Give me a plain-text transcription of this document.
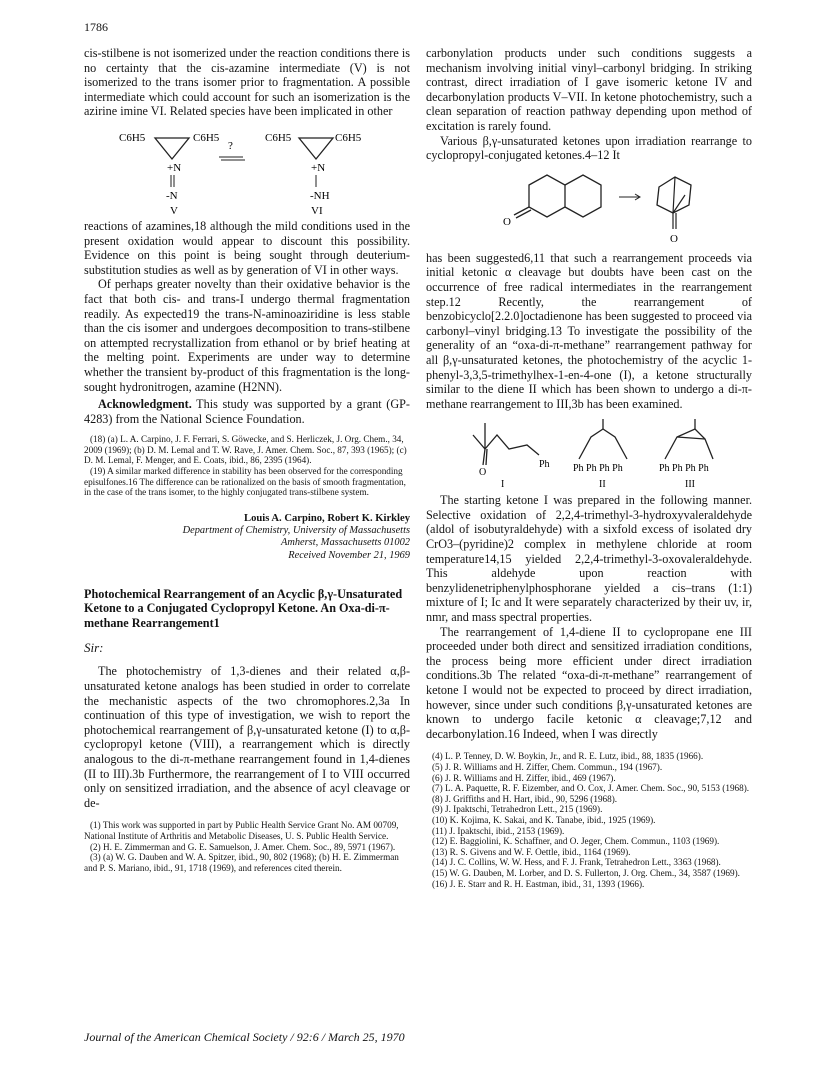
1786

cis-stilbene is not isomerized under the reaction conditions there is no certainty that the cis-azamine intermediate (V) is not isomerized to the trans isomer prior to fragmentation. A possible intermediate which could account for such an isomerization is the azirine imine VI. Related species have been implicated in other

C6H5	C6H5
+N
-N
V
?
C6H5	C6H5
+N
-NH
VI

reactions of azamines,18 although the mild conditions used in the present oxidation would appear to discount this possibility. Evidence on this point is being sought through deuterium-substitution studies as well as by generation of VI in other ways.

Of perhaps greater novelty than their oxidative behavior is the fact that both cis- and trans-I undergo thermal fragmentation readily. As expected19 the trans-N-aminoaziridine is less stable than the cis isomer and undergoes decomposition to trans-stilbene on attempted recrystallization from ethanol or by brief heating at the melting point. Experiments are under way to determine whether the transient by-product of this fragmentation is the long-sought hydronitrogen, azamine (H2NN).

Acknowledgment. This study was supported by a grant (GP-4283) from the National Science Foundation.

(18) (a) L. A. Carpino, J. F. Ferrari, S. Göwecke, and S. Herliczek, J. Org. Chem., 34, 2009 (1969); (b) D. M. Lemal and T. W. Rave, J. Amer. Chem. Soc., 87, 393 (1965); (c) D. M. Lemal, F. Menger, and E. Coats, ibid., 86, 2395 (1964).

(19) A similar marked difference in stability has been observed for the corresponding episulfones.16 The difference can be rationalized on the basis of smooth fragmentation, in the case of the trans isomer, to the highly conjugated trans-stilbene system.

Louis A. Carpino, Robert K. Kirkley
Department of Chemistry, University of Massachusetts
Amherst, Massachusetts 01002
Received November 21, 1969
Photochemical Rearrangement of an Acyclic β,γ-Unsaturated Ketone to a Conjugated Cyclopropyl Ketone. An Oxa-di-π-methane Rearrangement1
Sir:

The photochemistry of 1,3-dienes and their related α,β-unsaturated ketone analogs has been studied in order to correlate the mechanistic aspects of the two chromophores.2,3a In continuation of this type of investigation, we wish to report the photochemical rearrangement of β,γ-unsaturated ketone (I) to α,β-cyclopropyl ketone (VIII), a rearrangement which is directly analogous to the di-π-methane rearrangement found in 1,4-dienes (II to III).3b Furthermore, the rearrangement of I to VIII occurred only on sensitized irradiation, and the absence of acyl cleavage or de-

(1) This work was supported in part by Public Health Service Grant No. AM 00709, National Institute of Arthritis and Metabolic Diseases, U. S. Public Health Service.

(2) H. E. Zimmerman and G. E. Samuelson, J. Amer. Chem. Soc., 89, 5971 (1967).

(3) (a) W. G. Dauben and W. A. Spitzer, ibid., 90, 802 (1968); (b) H. E. Zimmerman and P. S. Mariano, ibid., 91, 1718 (1969), and references cited therein.

carbonylation products under such conditions suggests a mechanism involving initial vinyl–carbonyl bridging. In striking contrast, direct irradiation of I gave isomeric ketone IV and decarbonylation products V–VII. In ketone photochemistry, such a clean separation of reaction pathway depending upon method of excitation is rarely found.

Various β,γ-unsaturated ketones upon irradiation rearrange to cyclopropyl-conjugated ketones.4–12 It

O
O

has been suggested6,11 that such a rearrangement proceeds via initial ketonic α cleavage but doubts have been cast on the occurrence of free radical intermediates in the rearrangement step.12 Recently, the rearrangement of benzobicyclo[2.2.0]octadienone has been suggested to proceed via carbonyl–vinyl bridging.13 To investigate the possibility of the generality of an “oxa-di-π-methane” rearrangement pathway for all β,γ-unsaturated ketones, the photochemistry of the acyclic 1-phenyl-3,3,5-trimethylhex-1-en-4-one (I), a ketone structurally similar to the diene II which has been shown to undergo a di-π-methane rearrangement to III,3b has been examined.

O
Ph
I
Ph Ph Ph Ph
II
Ph Ph Ph Ph
III

The starting ketone I was prepared in the following manner. Selective oxidation of 2,2,4-trimethyl-3-hydroxyvaleraldehyde (aldol of isobutyraldehyde) with a sixfold excess of isolated dry CrO3–(pyridine)2 complex in methylene chloride at room temperature14,15 yielded 2,2,4-trimethyl-3-oxovaleraldehyde. This aldehyde upon reaction with benzylidenetriphenylphosphorane yielded a cis–trans (1:1) mixture of I; Ic and It were separately characterized by their uv, ir, nmr, and mass spectral properties.

The rearrangement of 1,4-diene II to cyclopropane ene III proceeded under both direct and sensitized irradiation conditions, the process being more efficient under direct irradiation conditions.3b The related “oxa-di-π-methane” rearrangement of ketone I would not be expected to proceed by direct irradiation, however, since under such conditions β,γ-unsaturated ketones are known to undergo facile ketonic α cleavage;7,12 and decarbonylation.16 Indeed, when I was directly

(4) L. P. Tenney, D. W. Boykin, Jr., and R. E. Lutz, ibid., 88, 1835 (1966).

(5) J. R. Williams and H. Ziffer, Chem. Commun., 194 (1967).

(6) J. R. Williams and H. Ziffer, ibid., 469 (1967).

(7) L. A. Paquette, R. F. Eizember, and O. Cox, J. Amer. Chem. Soc., 90, 5153 (1968).

(8) J. Griffiths and H. Hart, ibid., 90, 5296 (1968).

(9) J. Ipaktschi, Tetrahedron Lett., 215 (1969).

(10) K. Kojima, K. Sakai, and K. Tanabe, ibid., 1925 (1969).

(11) J. Ipaktschi, ibid., 2153 (1969).

(12) E. Baggiolini, K. Schaffner, and O. Jeger, Chem. Commun., 1103 (1969).

(13) R. S. Givens and W. F. Oettle, ibid., 1164 (1969).

(14) J. C. Collins, W. W. Hess, and F. J. Frank, Tetrahedron Lett., 3363 (1968).

(15) W. G. Dauben, M. Lorber, and D. S. Fullerton, J. Org. Chem., 34, 3587 (1969).

(16) J. E. Starr and R. H. Eastman, ibid., 31, 1393 (1966).

Journal of the American Chemical Society / 92:6 / March 25, 1970
